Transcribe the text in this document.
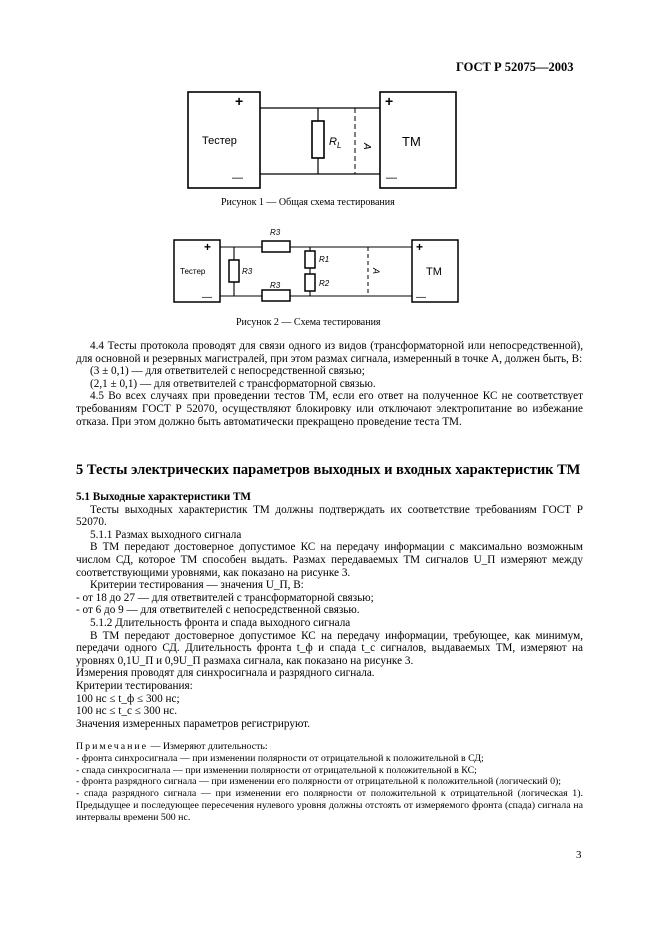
ГОСТ Р 52075—2003
+
—
+
—
Тестер	ТМ
$R_L$ А
Рисунок 1 — Общая схема тестирования
+
—
+
—
Тестер	ТМ
R3
R3
R3
R1
R2
А
Рисунок 2 — Схема тестирования

4.4 Тесты протокола проводят для связи одного из видов (трансформаторной или непосредственной), для основной и резервных магистралей, при этом размах сигнала, измеренный в точке A, должен быть, В:

(3 ± 0,1) — для ответвителей с непосредственной связью;

(2,1 ± 0,1) — для ответвителей с трансформаторной связью.

4.5 Во всех случаях при проведении тестов ТМ, если его ответ на полученное КС не соответствует требованиям ГОСТ Р 52070, осуществляют блокировку или отключают электропитание во избежание отказа. При этом должно быть автоматически прекращено проведение теста ТМ.

5 Тесты электрических параметров выходных и входных характеристик ТМ

5.1 Выходные характеристики ТМ

Тесты выходных характеристик ТМ должны подтверждать их соответствие требованиям ГОСТ Р 52070.

5.1.1 Размах выходного сигнала

В ТМ передают достоверное допустимое КС на передачу информации с максимально возможным числом СД, которое ТМ способен выдать. Размах передаваемых ТМ сигналов U_П измеряют между соответствующими уровнями, как показано на рисунке 3.

Критерии тестирования — значения U_П, В:

- от 18 до 27 — для ответвителей с трансформаторной связью;

- от 6 до 9 — для ответвителей с непосредственной связью.

5.1.2 Длительность фронта и спада выходного сигнала

В ТМ передают достоверное допустимое КС на передачу информации, требующее, как минимум, передачи одного СД. Длительность фронта t_ф и спада t_с сигналов, выдаваемых ТМ, измеряют на уровнях 0,1U_П и 0,9U_П размаха сигнала, как показано на рисунке 3.

Измерения проводят для синхросигнала и разрядного сигнала.

Критерии тестирования:

100 нс ≤ t_ф ≤ 300 нс;

100 нс ≤ t_с ≤ 300 нс.

Значения измеренных параметров регистрируют.

Примечание — Измеряют длительность:

- фронта синхросигнала — при изменении полярности от отрицательной к положительной в СД;

- спада синхросигнала — при изменении полярности от отрицательной к положительной в КС;

- фронта разрядного сигнала — при изменении его полярности от отрицательной к положительной (логический 0);

- спада разрядного сигнала — при изменении его полярности от положительной к отрицательной (логическая 1). Предыдущее и последующее пересечения нулевого уровня должны отстоять от измеряемого фронта (спада) сигнала на интервалы времени 500 нс.

3
